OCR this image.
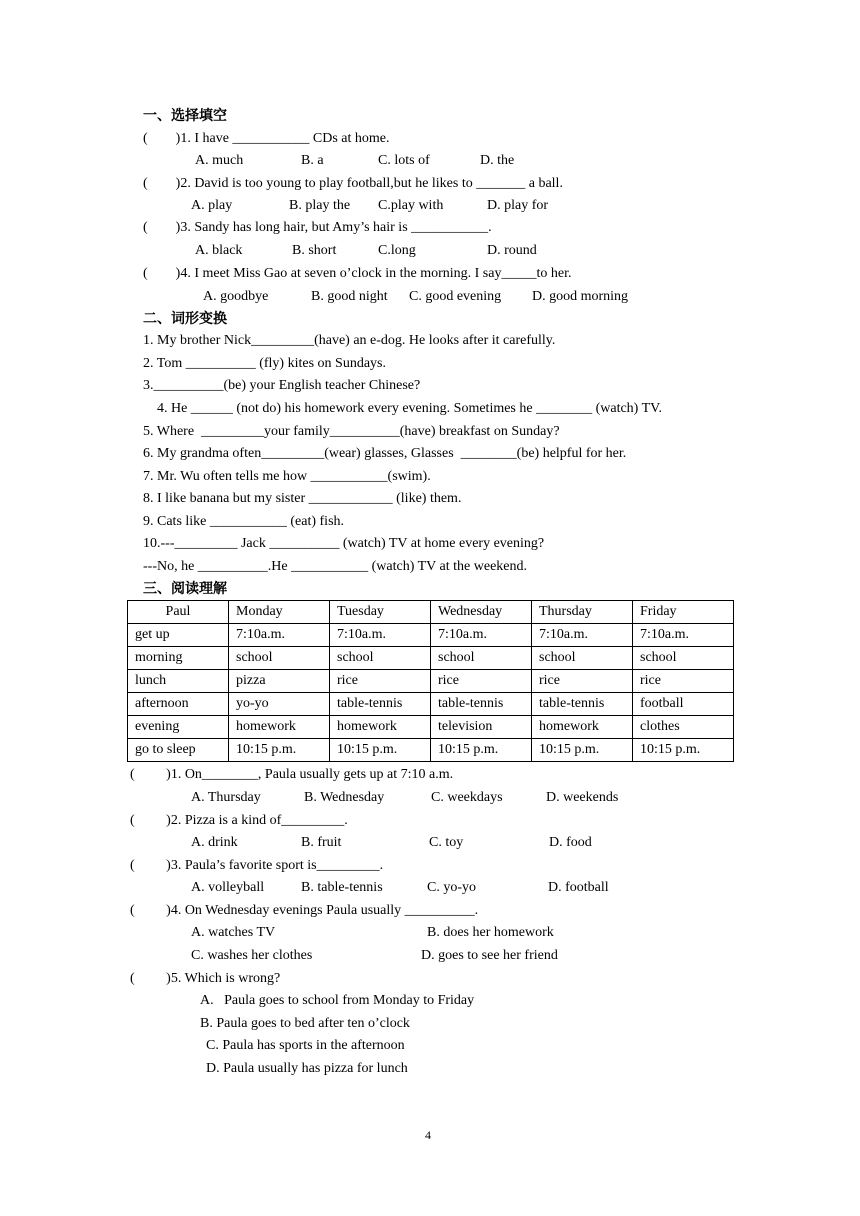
一、选择填空
(        )1. I have ___________ CDs at home.
A. much	B. a	C. lots of	D. the
(        )2. David is too young to play football,but he likes to _______ a ball.
A. play	B. play the C.play with	D. play for
(        )3. Sandy has long hair, but Amy’s hair is ___________.
A. black	B. short	C.long	D. round
(        )4. I meet Miss Gao at seven o’clock in the morning. I say_____to her.
A. goodbye	B. good night C. good evening D. good morning
二、词形变换
1. My brother Nick_________(have) an e-dog. He looks after it carefully.
2. Tom __________ (fly) kites on Sundays.
3.__________(be) your English teacher Chinese?
4. He ______ (not do) his homework every evening. Sometimes he ________ (watch) TV.
5. Where  _________your family__________(have) breakfast on Sunday?
6. My grandma often_________(wear) glasses, Glasses  ________(be) helpful for her.
7. Mr. Wu often tells me how ___________(swim).
8. I like banana but my sister ____________ (like) them.
9. Cats like ___________ (eat) fish.
10.---_________ Jack __________ (watch) TV at home every evening?
---No, he __________.He ___________ (watch) TV at the weekend.
三、阅读理解
Paul	Monday	Tuesday	Wednesday	Thursday	Friday
get up	7:10a.m.	7:10a.m.	7:10a.m.	7:10a.m.	7:10a.m.
morning	school	school	school	school	school
lunch	pizza	rice	rice	rice	rice
afternoon	yo-yo	table-tennis	table-tennis	table-tennis	football
evening	homework	homework	television	homework	clothes
go to sleep	10:15 p.m.	10:15 p.m.	10:15 p.m.	10:15 p.m.	10:15 p.m.
(         )1. On________, Paula usually gets up at 7:10 a.m.
A. Thursday	B. Wednesday	C. weekdays	D. weekends
(         )2. Pizza is a kind of_________.
A. drink	B. fruit	C. toy	D. food
(         )3. Paula’s favorite sport is_________.
A. volleyball	B. table-tennis	C. yo-yo	D. football
(         )4. On Wednesday evenings Paula usually __________.
A. watches TV	B. does her homework
C. washes her clothes	D. goes to see her friend
(         )5. Which is wrong?
A.   Paula goes to school from Monday to Friday
B. Paula goes to bed after ten o’clock
C. Paula has sports in the afternoon
D. Paula usually has pizza for lunch
4
